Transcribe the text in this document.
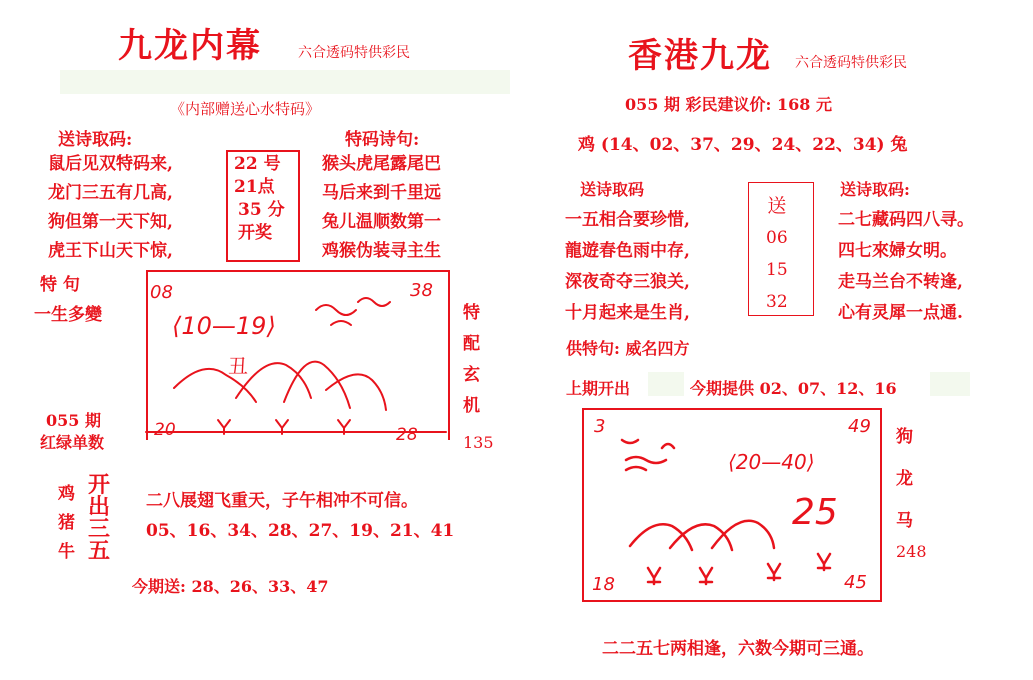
九龙内幕	六合透码特供彩民
《内部赠送心水特码》
送诗取码:
鼠后见双特码来,
龙门三五有几高,
狗但第一天下知,
虎王下山天下惊,
22 号
21点
35 分
开奖
特码诗句:
猴头虎尾露尾巴
马后来到千里远
兔儿温顺数第一
鸡猴伪装寻主生
特 句
一生多變	特
配
玄
机
135
055 期
红绿单数
08	38
⟨10—19⟩
丑
20	28
鸡
猪
牛
开
出
三
五
二八展翅飞重天，子午相冲不可信。
05、16、34、28、27、19、21、41
今期送: 28、26、33、47
香港九龙 六合透码特供彩民
055 期 彩民建议价: 168 元
鸡 (14、02、37、29、24、22、34) 兔
送诗取码
一五相合要珍惜,
龍遊春色雨中存,
深夜奇夺三狼关,
十月起来是生肖,
送
06
15
32
送诗取码:
二七藏码四八寻。
四七來婦女明。
走马兰台不转逢,
心有灵犀一点通.
供特句: 威名四方
上期开出	今期提供 02、07、12、16
3	49
⟨20—40⟩
25
18	45
狗
龙
马
248
二二五七两相逢，六数今期可三通。
